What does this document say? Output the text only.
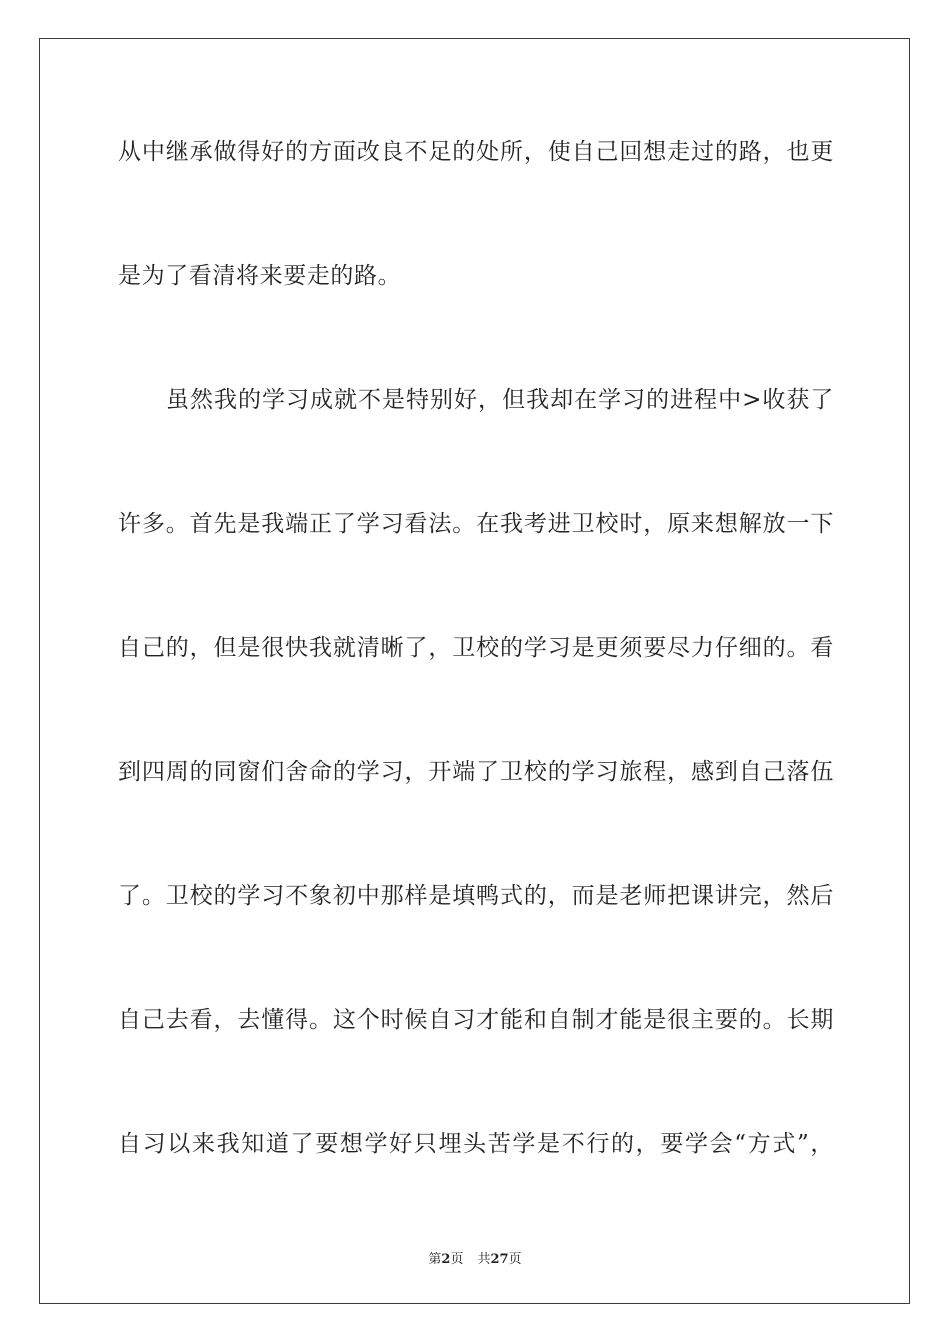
从中继承做得好的方面改良不足的处所，使自己回想走过的路，也更
是为了看清将来要走的路。
虽然我的学习成就不是特别好，但我却在学习的进程中>收获了
许多。首先是我端正了学习看法。在我考进卫校时，原来想解放一下
自己的，但是很快我就清晰了，卫校的学习是更须要尽力仔细的。看
到四周的同窗们舍命的学习，开端了卫校的学习旅程，感到自己落伍
了。卫校的学习不象初中那样是填鸭式的，而是老师把课讲完，然后
自己去看，去懂得。这个时候自习才能和自制才能是很主要的。长期
自习以来我知道了要想学好只埋头苦学是不行的，要学会“方式”，
第2页 共27页
